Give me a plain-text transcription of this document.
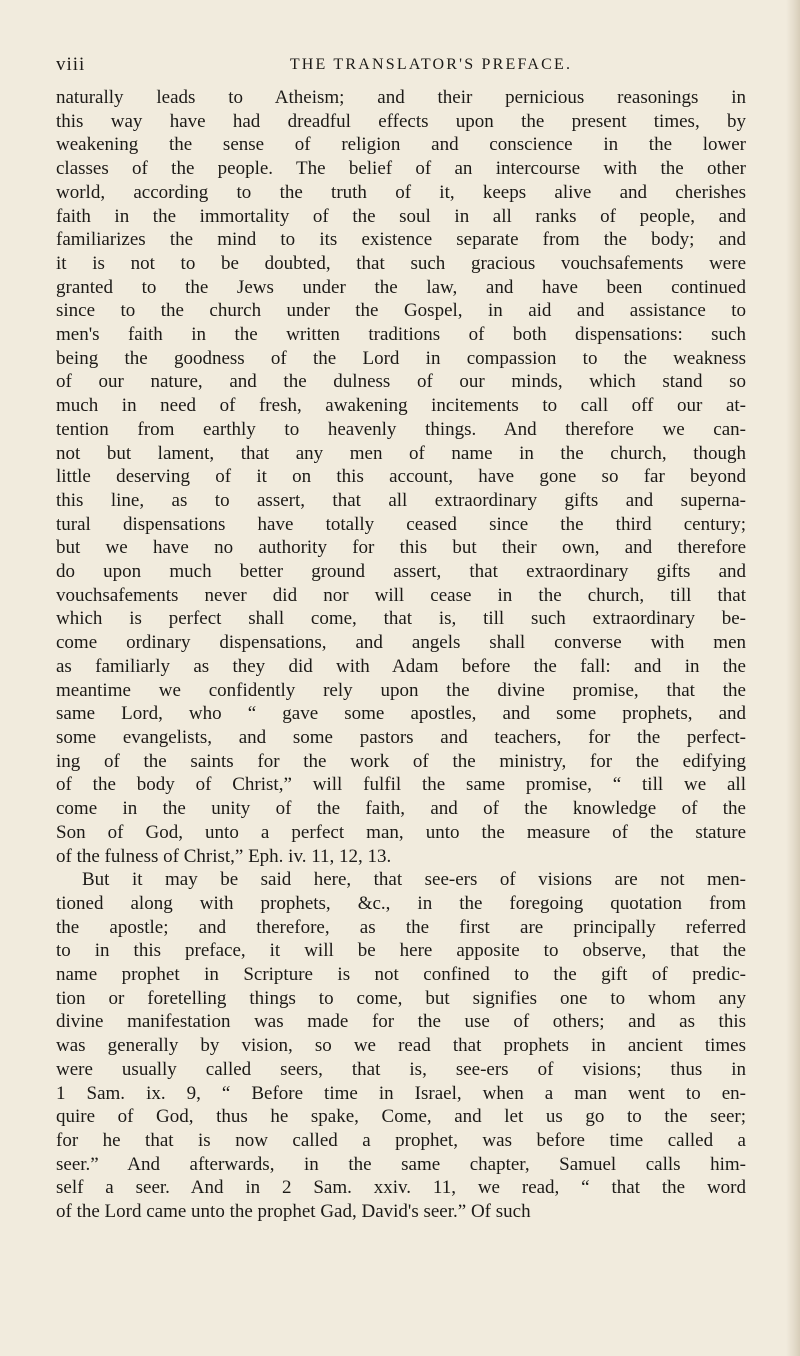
viii	THE TRANSLATOR'S PREFACE.
naturally leads to Atheism; and their pernicious reasonings in
this way have had dreadful effects upon the present times, by
weakening the sense of religion and conscience in the lower
classes of the people. The belief of an intercourse with the other
world, according to the truth of it, keeps alive and cherishes
faith in the immortality of the soul in all ranks of people, and
familiarizes the mind to its existence separate from the body; and
it is not to be doubted, that such gracious vouchsafements were
granted to the Jews under the law, and have been continued
since to the church under the Gospel, in aid and assistance to
men's faith in the written traditions of both dispensations: such
being the goodness of the Lord in compassion to the weakness
of our nature, and the dulness of our minds, which stand so
much in need of fresh, awakening incitements to call off our at-
tention from earthly to heavenly things. And therefore we can-
not but lament, that any men of name in the church, though
little deserving of it on this account, have gone so far beyond
this line, as to assert, that all extraordinary gifts and superna-
tural dispensations have totally ceased since the third century;
but we have no authority for this but their own, and therefore
do upon much better ground assert, that extraordinary gifts and
vouchsafements never did nor will cease in the church, till that
which is perfect shall come, that is, till such extraordinary be-
come ordinary dispensations, and angels shall converse with men
as familiarly as they did with Adam before the fall: and in the
meantime we confidently rely upon the divine promise, that the
same Lord, who “ gave some apostles, and some prophets, and
some evangelists, and some pastors and teachers, for the perfect-
ing of the saints for the work of the ministry, for the edifying
of the body of Christ,” will fulfil the same promise, “ till we all
come in the unity of the faith, and of the knowledge of the
Son of God, unto a perfect man, unto the measure of the stature
of the fulness of Christ,” Eph. iv. 11, 12, 13.
But it may be said here, that see-ers of visions are not men-
tioned along with prophets, &c., in the foregoing quotation from
the apostle; and therefore, as the first are principally referred
to in this preface, it will be here apposite to observe, that the
name prophet in Scripture is not confined to the gift of predic-
tion or foretelling things to come, but signifies one to whom any
divine manifestation was made for the use of others; and as this
was generally by vision, so we read that prophets in ancient times
were usually called seers, that is, see-ers of visions; thus in
1 Sam. ix. 9, “ Before time in Israel, when a man went to en-
quire of God, thus he spake, Come, and let us go to the seer;
for he that is now called a prophet, was before time called a
seer.” And afterwards, in the same chapter, Samuel calls him-
self a seer. And in 2 Sam. xxiv. 11, we read, “ that the word
of the Lord came unto the prophet Gad, David's seer.” Of such
